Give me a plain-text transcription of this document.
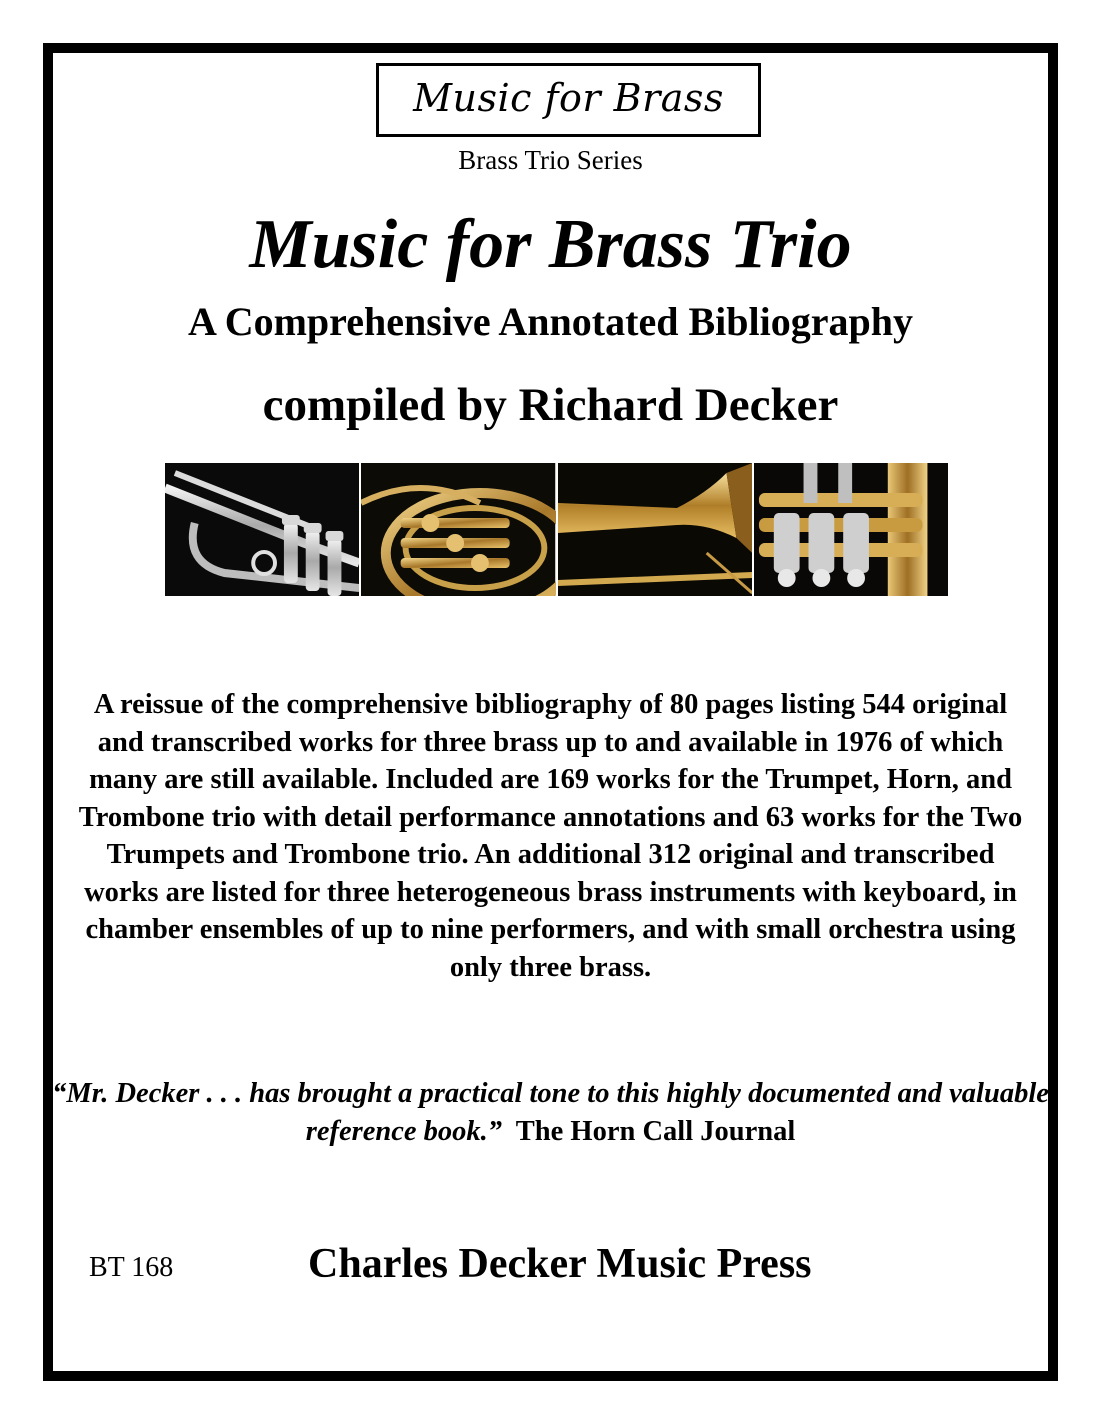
Music for Brass
Brass Trio Series
Music for Brass Trio
A Comprehensive Annotated Bibliography
compiled by Richard Decker
A reissue of the comprehensive bibliography of 80 pages listing 544 original and transcribed works for three brass up to and available in 1976 of which many are still available. Included are 169 works for the Trumpet, Horn, and Trombone trio with detail performance annotations and 63 works for the Two Trumpets and Trombone trio. An additional 312 original and transcribed works are listed for three heterogeneous brass instruments with keyboard, in chamber ensembles of up to nine performers, and with small orchestra using only three brass.
“Mr. Decker . . . has brought a practical tone to this highly documented and valuable reference book.” The Horn Call Journal
BT 168	Charles Decker Music Press
